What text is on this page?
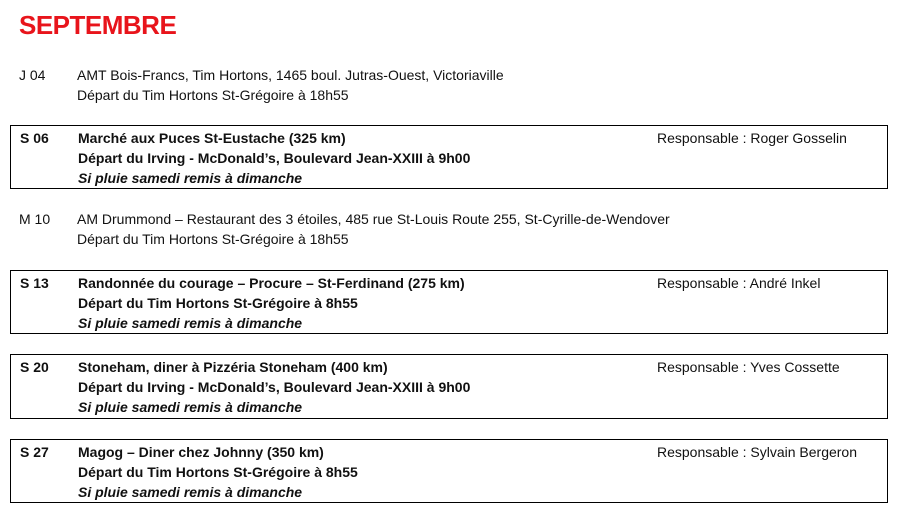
SEPTEMBRE
J 04 AMT Bois-Francs, Tim Hortons, 1465 boul. Jutras-Ouest, Victoriaville
Départ du Tim Hortons St-Grégoire à 18h55
S 06 Marché aux Puces St-Eustache (325 km)
Départ du Irving - McDonald’s, Boulevard Jean-XXIII à 9h00
Si pluie samedi remis à dimanche
Responsable : Roger Gosselin
M 10 AM Drummond – Restaurant des 3 étoiles, 485 rue St-Louis Route 255, St-Cyrille-de-Wendover
Départ du Tim Hortons St-Grégoire à 18h55
S 13 Randonnée du courage – Procure – St-Ferdinand (275 km)
Départ du Tim Hortons St-Grégoire à 8h55
Si pluie samedi remis à dimanche
Responsable : André Inkel
S 20 Stoneham, diner à Pizzéria Stoneham (400 km)
Départ du Irving - McDonald’s, Boulevard Jean-XXIII à 9h00
Si pluie samedi remis à dimanche
Responsable : Yves Cossette
S 27 Magog – Diner chez Johnny (350 km)
Départ du Tim Hortons St-Grégoire à 8h55
Si pluie samedi remis à dimanche
Responsable : Sylvain Bergeron
